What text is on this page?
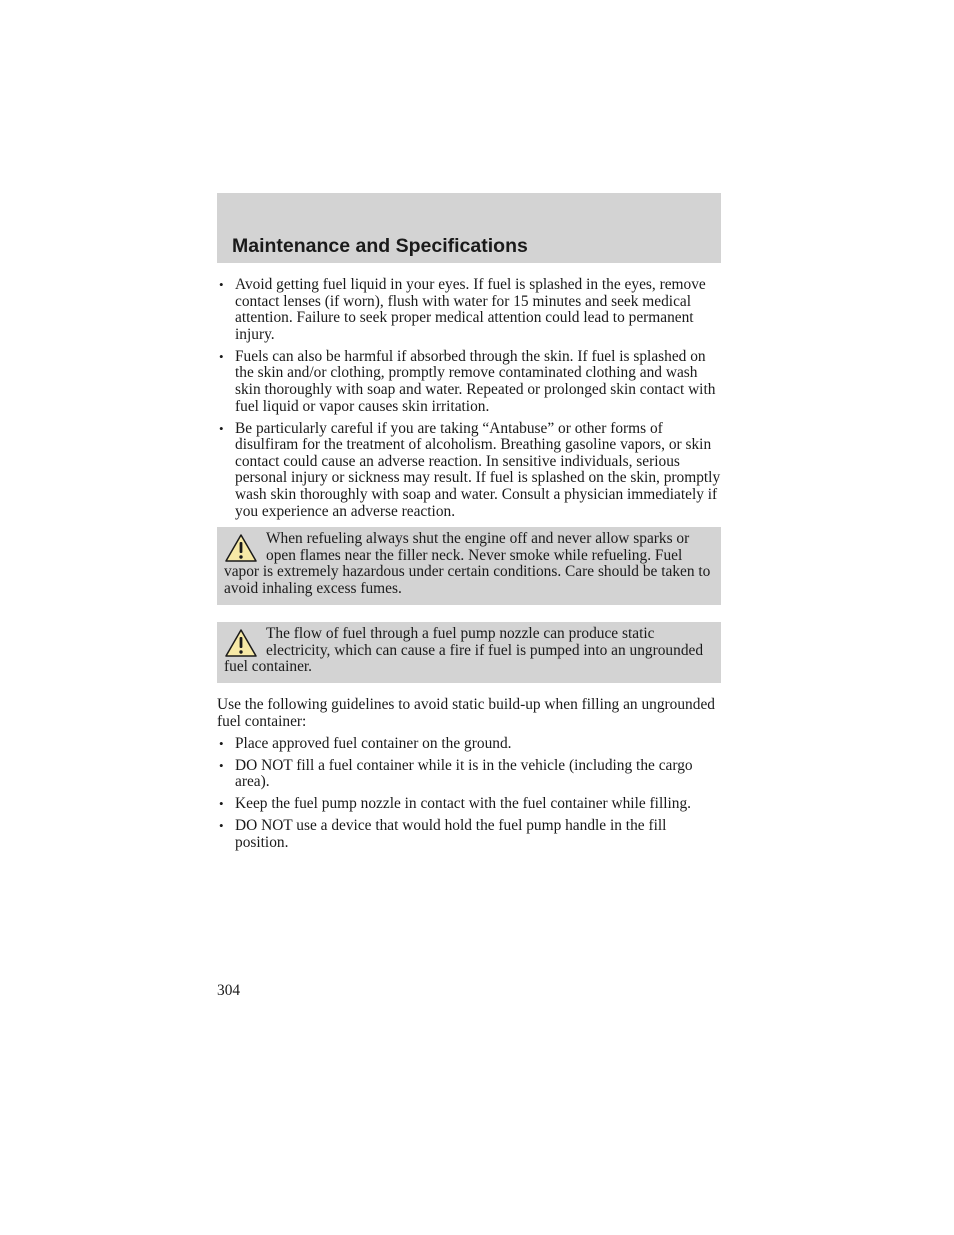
Maintenance and Specifications
• Avoid getting fuel liquid in your eyes. If fuel is splashed in the eyes, remove contact lenses (if worn), flush with water for 15 minutes and seek medical attention. Failure to seek proper medical attention could lead to permanent injury.
• Fuels can also be harmful if absorbed through the skin. If fuel is splashed on the skin and/or clothing, promptly remove contaminated clothing and wash skin thoroughly with soap and water. Repeated or prolonged skin contact with fuel liquid or vapor causes skin irritation.
• Be particularly careful if you are taking “Antabuse” or other forms of disulfiram for the treatment of alcoholism. Breathing gasoline vapors, or skin contact could cause an adverse reaction. In sensitive individuals, serious personal injury or sickness may result. If fuel is splashed on the skin, promptly wash skin thoroughly with soap and water. Consult a physician immediately if you experience an adverse reaction.

When refueling always shut the engine off and never allow sparks or open flames near the filler neck. Never smoke while refueling. Fuel vapor is extremely hazardous under certain conditions. Care should be taken to avoid inhaling excess fumes.

The flow of fuel through a fuel pump nozzle can produce static electricity, which can cause a fire if fuel is pumped into an ungrounded fuel container.

Use the following guidelines to avoid static build-up when filling an ungrounded fuel container:

• Place approved fuel container on the ground.
• DO NOT fill a fuel container while it is in the vehicle (including the cargo area).
• Keep the fuel pump nozzle in contact with the fuel container while filling.
• DO NOT use a device that would hold the fuel pump handle in the fill position.
304
